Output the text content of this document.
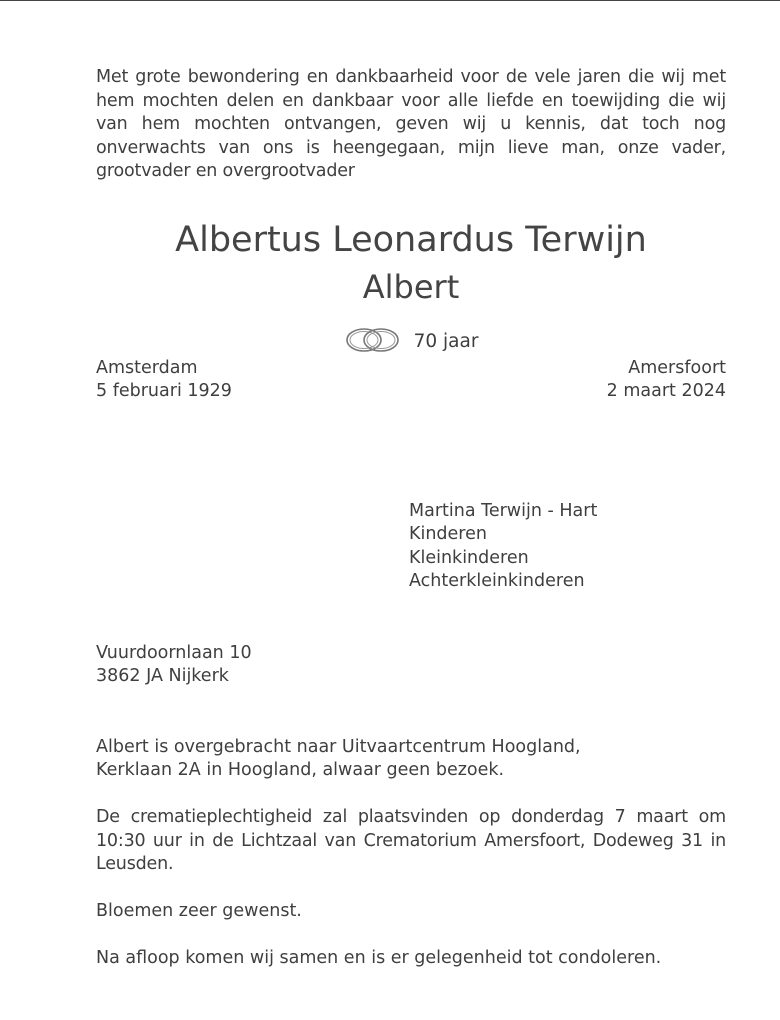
Met grote bewondering en dankbaarheid voor de vele jaren die wij met hem mochten delen en dankbaar voor alle liefde en toewijding die wij van hem mochten ontvangen, geven wij u kennis, dat toch nog onverwachts van ons is heengegaan, mijn lieve man, onze vader, grootvader en overgrootvader

Albertus Leonardus Terwijn
Albert
70 jaar
Amsterdam
5 februari 1929
Amersfoort
2 maart 2024
Martina Terwijn - Hart
Kinderen
Kleinkinderen
Achterkleinkinderen
Vuurdoornlaan 10
3862 JA Nijkerk

Albert is overgebracht naar Uitvaartcentrum Hoogland,
Kerklaan 2A in Hoogland, alwaar geen bezoek.

De crematieplechtigheid zal plaatsvinden op donderdag 7 maart om 10:30 uur in de Lichtzaal van Crematorium Amersfoort, Dodeweg 31 in Leusden.

Bloemen zeer gewenst.

Na afloop komen wij samen en is er gelegenheid tot condoleren.
